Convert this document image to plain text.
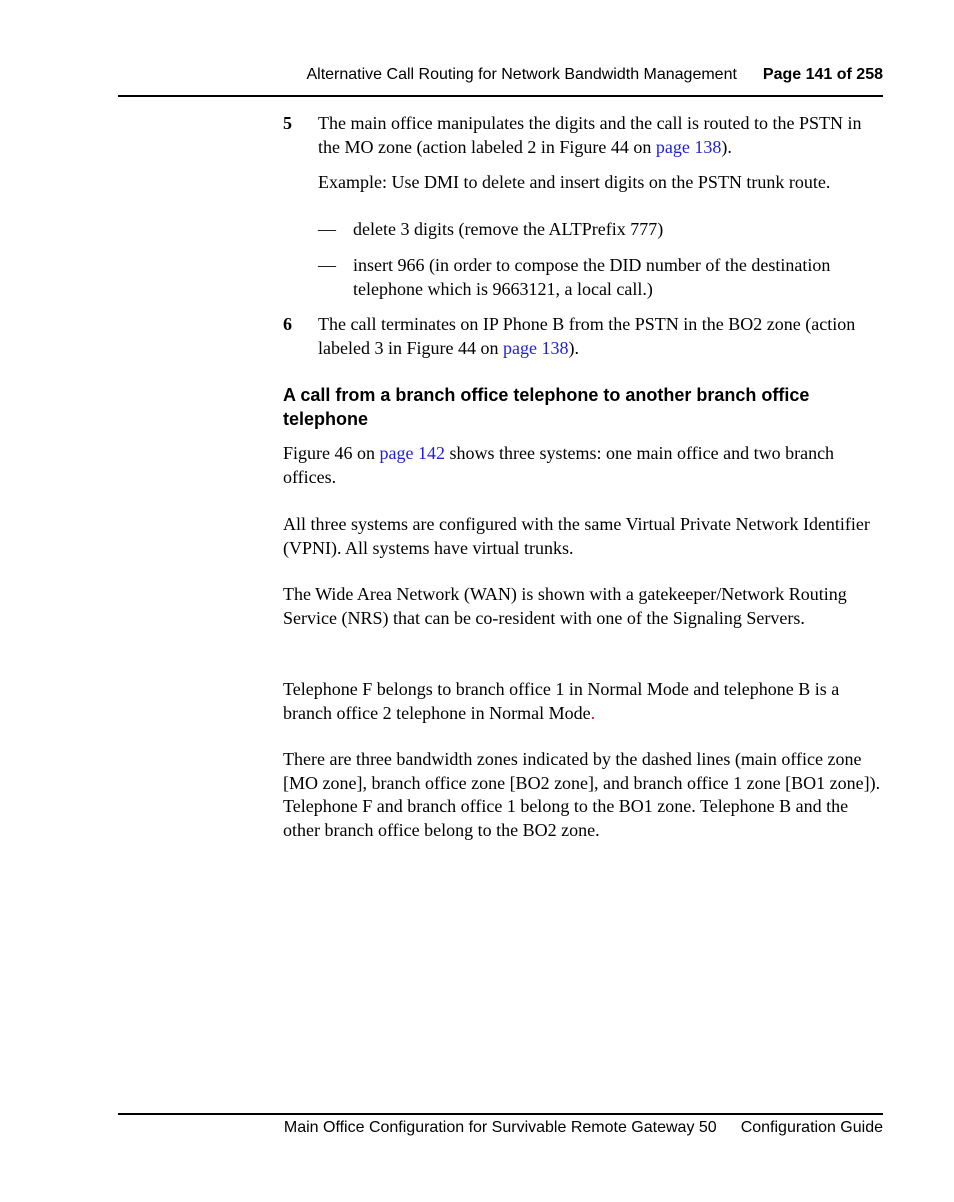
Alternative Call Routing for Network Bandwidth Management Page 141 of 258
5 The main office manipulates the digits and the call is routed to the PSTN in the MO zone (action labeled 2 in Figure 44 on page 138).

Example: Use DMI to delete and insert digits on the PSTN trunk route.

— delete 3 digits (remove the ALTPrefix 777)

— insert 966 (in order to compose the DID number of the destination telephone which is 9663121, a local call.)

6 The call terminates on IP Phone B from the PSTN in the BO2 zone (action labeled 3 in Figure 44 on page 138).

A call from a branch office telephone to another branch office telephone

Figure 46 on page 142 shows three systems: one main office and two branch offices.

All three systems are configured with the same Virtual Private Network Identifier (VPNI). All systems have virtual trunks.

The Wide Area Network (WAN) is shown with a gatekeeper/Network Routing Service (NRS) that can be co-resident with one of the Signaling Servers.

Telephone F belongs to branch office 1 in Normal Mode and telephone B is a branch office 2 telephone in Normal Mode.

There are three bandwidth zones indicated by the dashed lines (main office zone [MO zone], branch office zone [BO2 zone], and branch office 1 zone [BO1 zone]). Telephone F and branch office 1 belong to the BO1 zone. Telephone B and the other branch office belong to the BO2 zone.

Main Office Configuration for Survivable Remote Gateway 50 Configuration Guide
